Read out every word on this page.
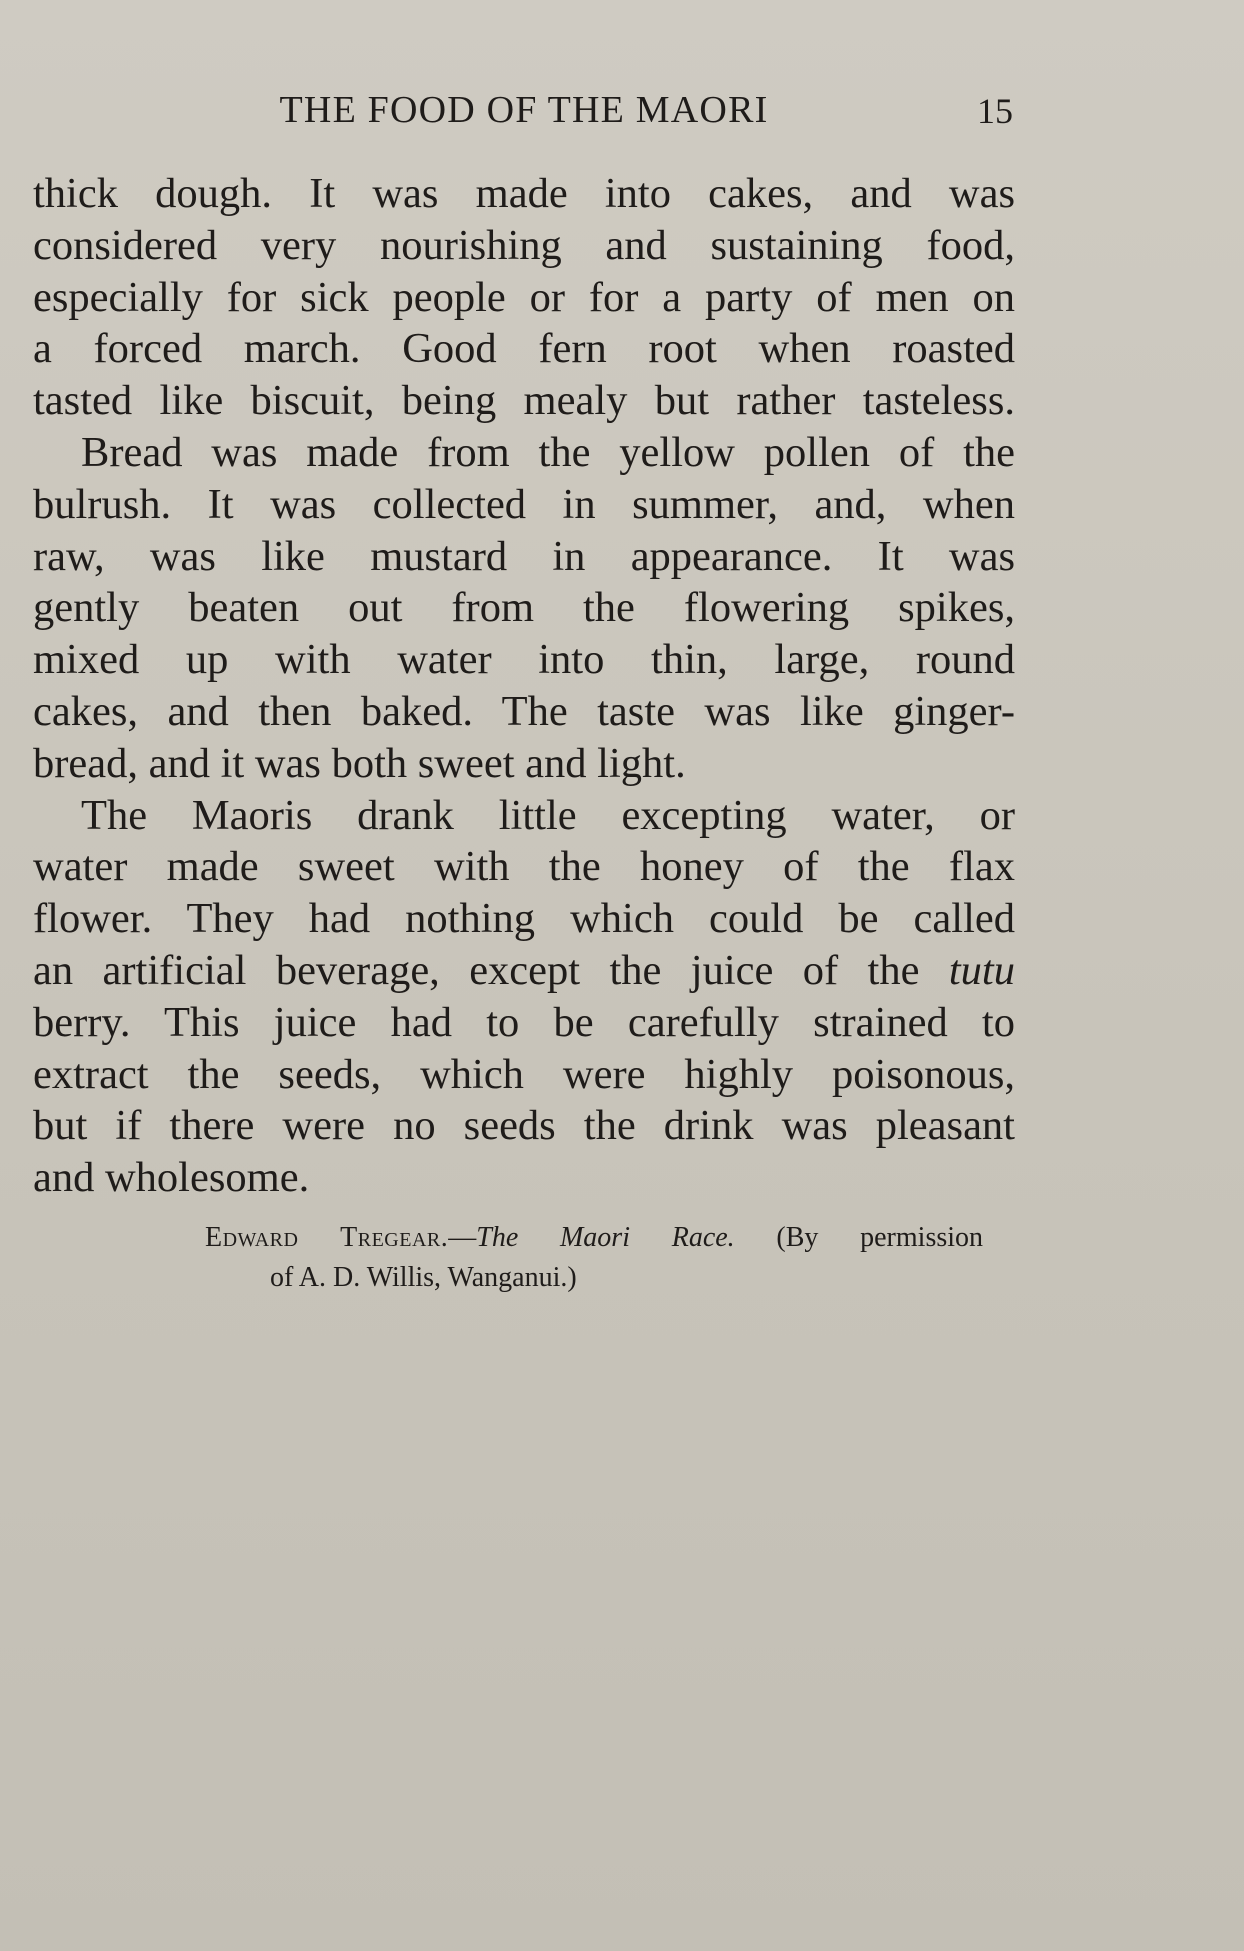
THE FOOD OF THE MAORI	15
thick dough. It was made into cakes, and was
considered very nourishing and sustaining food,
especially for sick people or for a party of men on
a forced march. Good fern root when roasted
tasted like biscuit, being mealy but rather tasteless.
Bread was made from the yellow pollen of the
bulrush. It was collected in summer, and, when
raw, was like mustard in appearance. It was
gently beaten out from the flowering spikes,
mixed up with water into thin, large, round
cakes, and then baked. The taste was like ginger-
bread, and it was both sweet and light.
The Maoris drank little excepting water, or
water made sweet with the honey of the flax
flower. They had nothing which could be called
an artificial beverage, except the juice of the tutu
berry. This juice had to be carefully strained to
extract the seeds, which were highly poisonous,
but if there were no seeds the drink was pleasant
and wholesome.
Edward Tregear.—The Maori Race. (By permission
of A. D. Willis, Wanganui.)
